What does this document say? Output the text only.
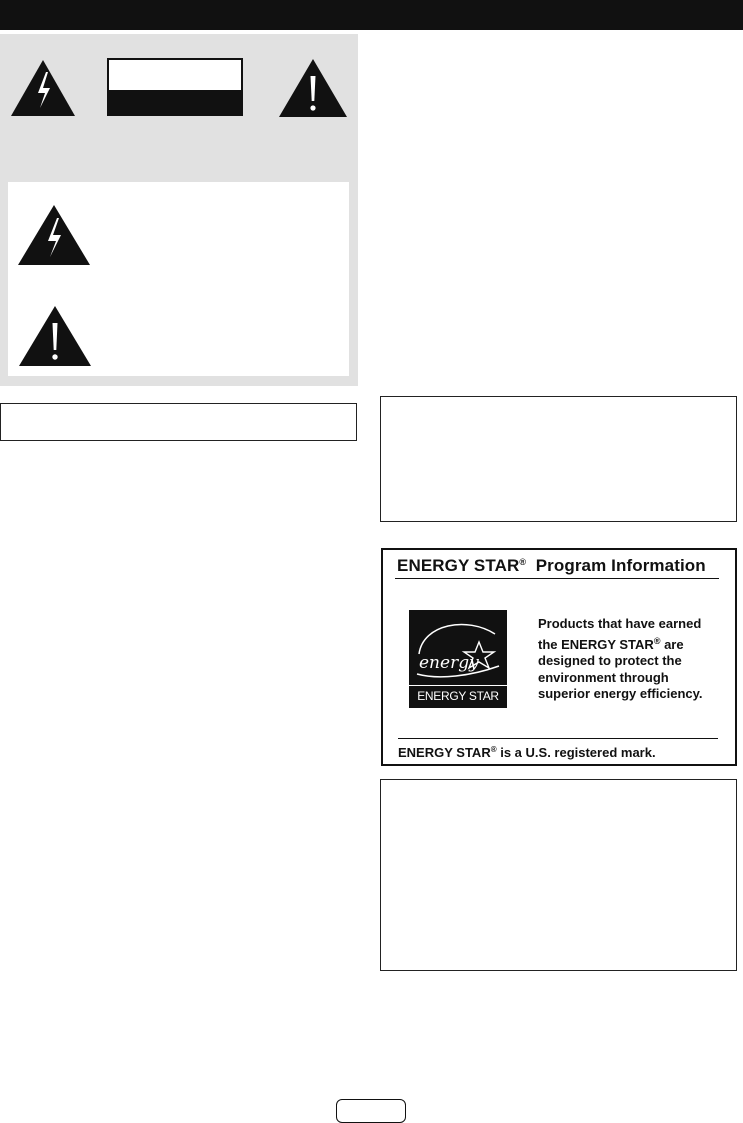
ENERGY STAR® Program Information
energy
ENERGY STAR
Products that have earned
the ENERGY STAR® are
designed to protect the
environment through
superior energy efficiency.
ENERGY STAR® is a U.S. registered mark.
